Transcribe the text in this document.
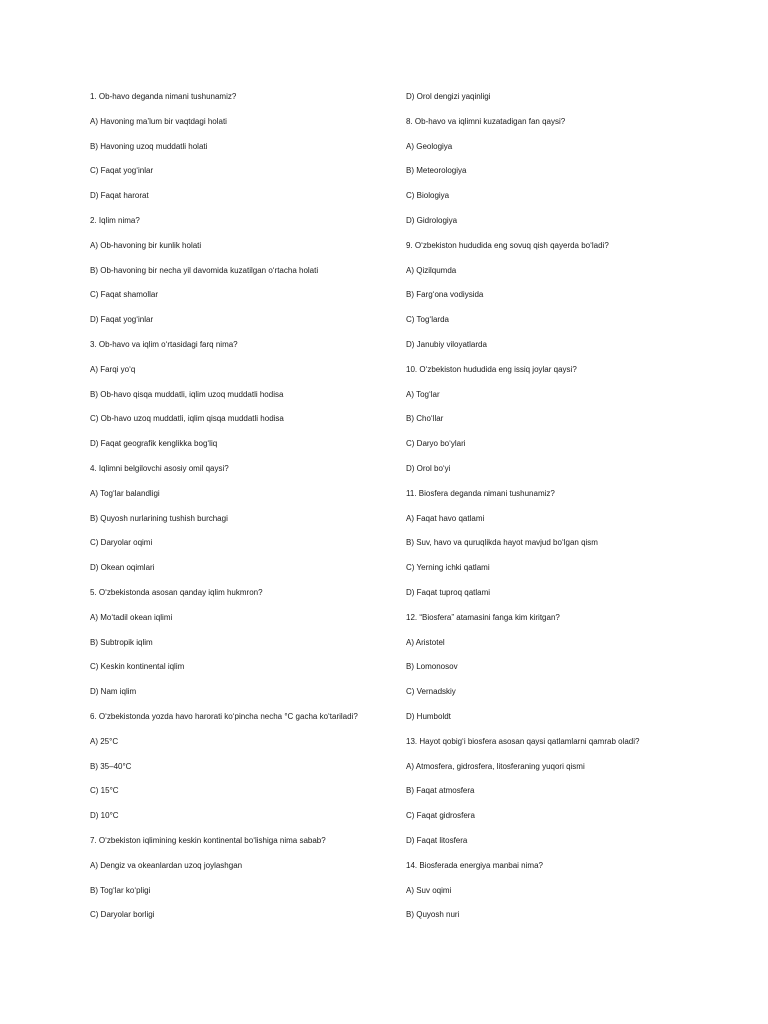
1. Ob-havo deganda nimani tushunamiz?
A) Havoning ma’lum bir vaqtdagi holati
B) Havoning uzoq muddatli holati
C) Faqat yog‘inlar
D) Faqat harorat
2. Iqlim nima?
A) Ob-havoning bir kunlik holati
B) Ob-havoning bir necha yil davomida kuzatilgan o‘rtacha holati
C) Faqat shamollar
D) Faqat yog‘inlar
3. Ob-havo va iqlim o‘rtasidagi farq nima?
A) Farqi yo‘q
B) Ob-havo qisqa muddatli, iqlim uzoq muddatli hodisa
C) Ob-havo uzoq muddatli, iqlim qisqa muddatli hodisa
D) Faqat geografik kenglikka bog‘liq
4. Iqlimni belgilovchi asosiy omil qaysi?
A) Tog‘lar balandligi
B) Quyosh nurlarining tushish burchagi
C) Daryolar oqimi
D) Okean oqimlari
5. O‘zbekistonda asosan qanday iqlim hukmron?
A) Mo‘tadil okean iqlimi
B) Subtropik iqlim
C) Keskin kontinental iqlim
D) Nam iqlim
6. O‘zbekistonda yozda havo harorati ko‘pincha necha °C gacha ko‘tariladi?
A) 25°C
B) 35–40°C
C) 15°C
D) 10°C
7. O‘zbekiston iqlimining keskin kontinental bo‘lishiga nima sabab?
A) Dengiz va okeanlardan uzoq joylashgan
B) Tog‘lar ko‘pligi
C) Daryolar borligi
D) Orol dengizi yaqinligi
8. Ob-havo va iqlimni kuzatadigan fan qaysi?
A) Geologiya
B) Meteorologiya
C) Biologiya
D) Gidrologiya
9. O‘zbekiston hududida eng sovuq qish qayerda bo‘ladi?
A) Qizilqumda
B) Farg‘ona vodiysida
C) Tog‘larda
D) Janubiy viloyatlarda
10. O‘zbekiston hududida eng issiq joylar qaysi?
A) Tog‘lar
B) Cho‘llar
C) Daryo bo‘ylari
D) Orol bo‘yi
11. Biosfera deganda nimani tushunamiz?
A) Faqat havo qatlami
B) Suv, havo va quruqlikda hayot mavjud bo‘lgan qism
C) Yerning ichki qatlami
D) Faqat tuproq qatlami
12. “Biosfera” atamasini fanga kim kiritgan?
A) Aristotel
B) Lomonosov
C) Vernadskiy
D) Humboldt
13. Hayot qobig‘i biosfera asosan qaysi qatlamlarni qamrab oladi?
A) Atmosfera, gidrosfera, litosferaning yuqori qismi
B) Faqat atmosfera
C) Faqat gidrosfera
D) Faqat litosfera
14. Biosferada energiya manbai nima?
A) Suv oqimi
B) Quyosh nuri
